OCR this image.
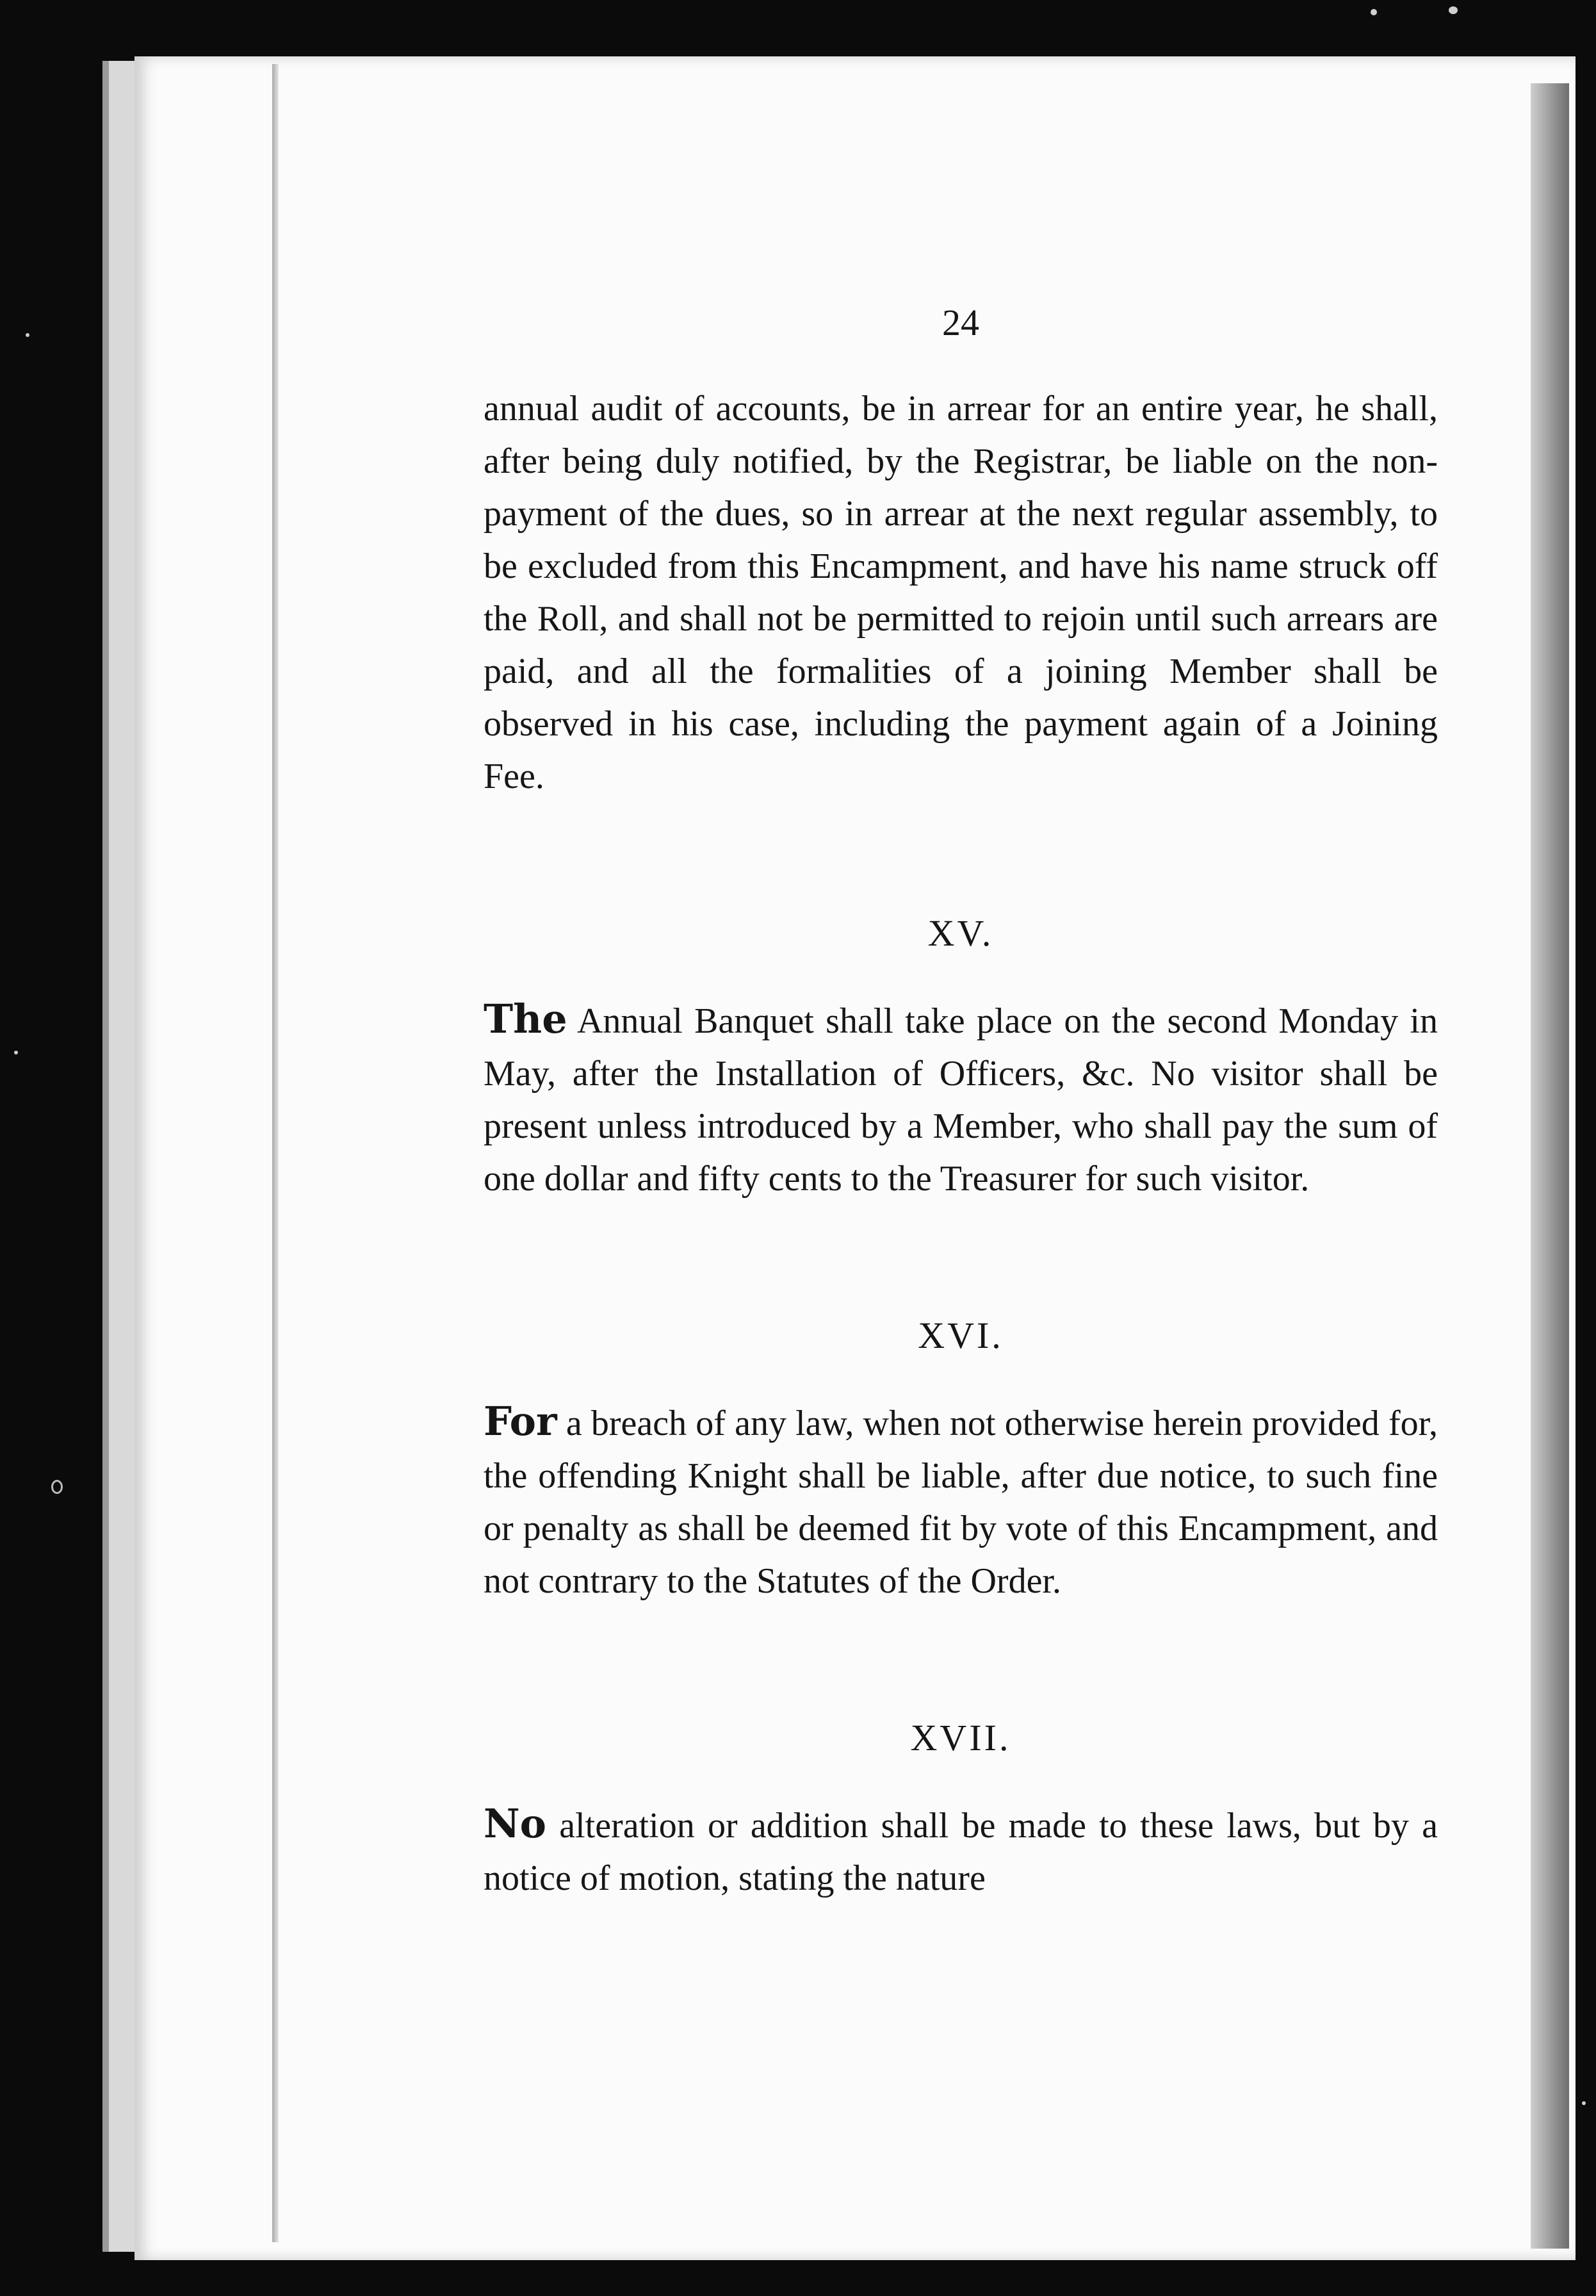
24

annual audit of accounts, be in arrear for an entire year, he shall, after being duly notified, by the Registrar, be liable on the non-payment of the dues, so in arrear at the next regular assembly, to be excluded from this Encampment, and have his name struck off the Roll, and shall not be permitted to rejoin until such arrears are paid, and all the formalities of a joining Member shall be observed in his case, including the payment again of a Joining Fee.

XV.

The Annual Banquet shall take place on the second Monday in May, after the Installation of Officers, &c. No visitor shall be present unless introduced by a Member, who shall pay the sum of one dollar and fifty cents to the Treasurer for such visitor.

XVI.

For a breach of any law, when not otherwise herein provided for, the offending Knight shall be liable, after due notice, to such fine or penalty as shall be deemed fit by vote of this Encampment, and not contrary to the Statutes of the Order.

XVII.

No alteration or addition shall be made to these laws, but by a notice of motion, stating the nature
